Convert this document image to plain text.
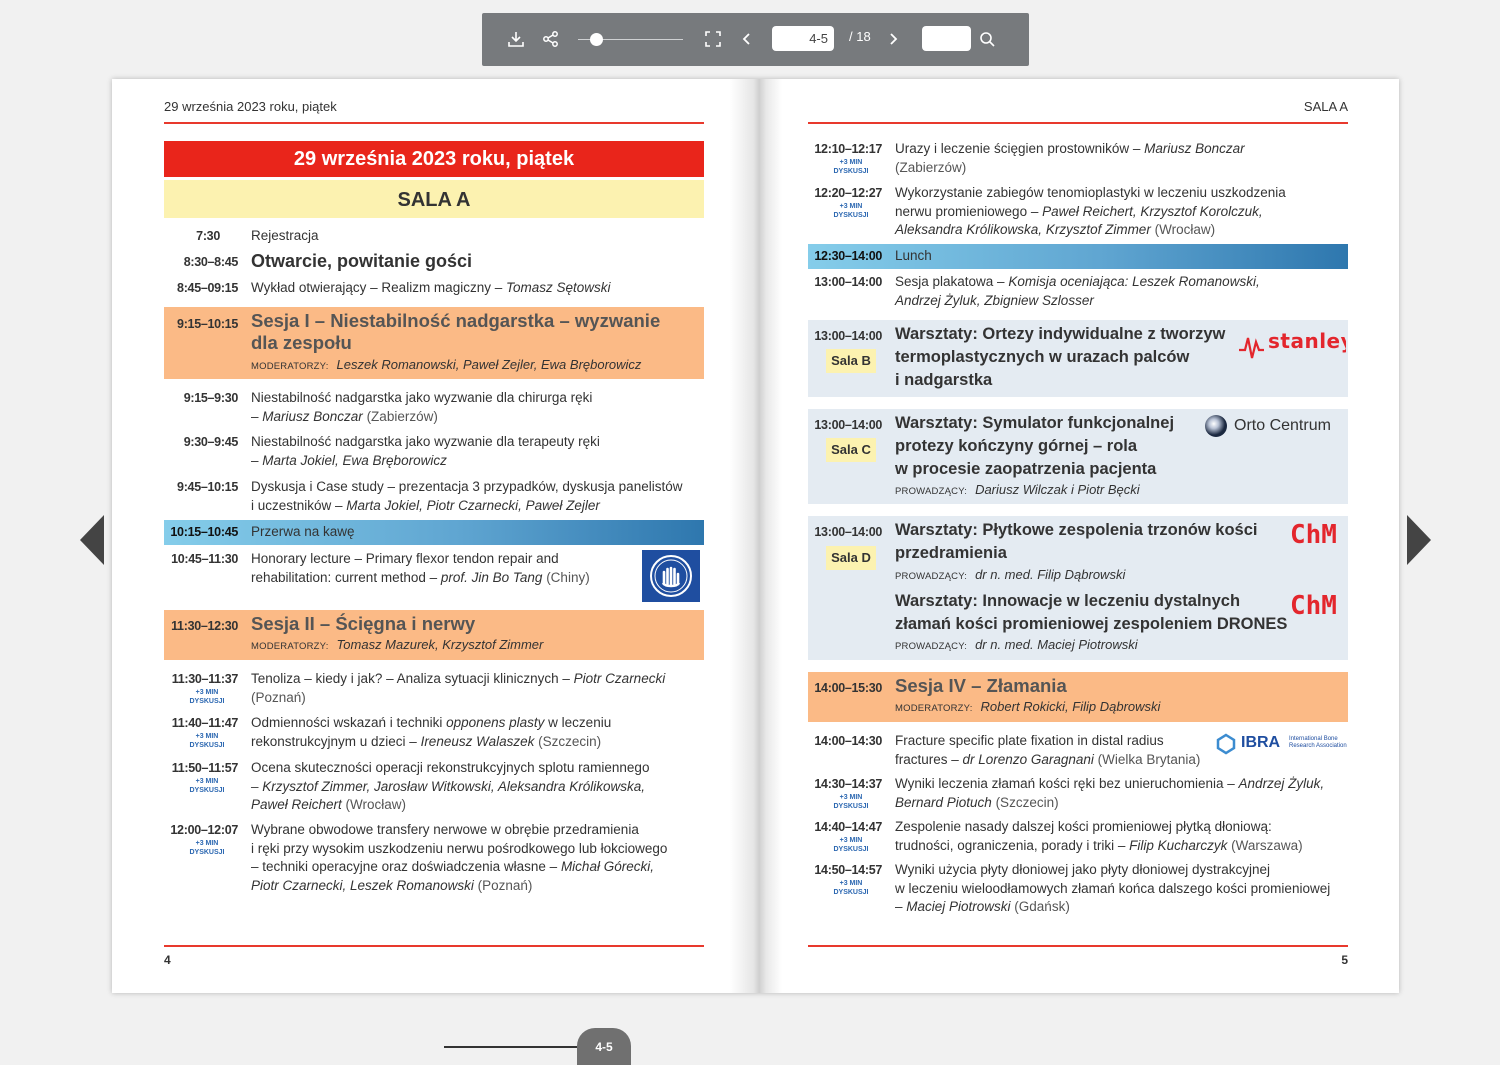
4-5	/ 18
29 września 2023 roku, piątek
29 września 2023 roku, piątek
SALA A
7:30 Rejestracja
8:30–8:45 Otwarcie, powitanie gości
8:45–09:15 Wykład otwierający – Realizm magiczny – Tomasz Sętowski
9:15–10:15 Sesja I – Niestabilność nadgarstka – wyzwanie
dla zespołu
MODERATORZY: Leszek Romanowski, Paweł Zejler, Ewa Bręborowicz
9:15–9:30 Niestabilność nadgarstka jako wyzwanie dla chirurga ręki
– Mariusz Bonczar (Zabierzów)
9:30–9:45 Niestabilność nadgarstka jako wyzwanie dla terapeuty ręki
– Marta Jokiel, Ewa Bręborowicz
9:45–10:15 Dyskusja i Case study – prezentacja 3 przypadków, dyskusja panelistów
i uczestników – Marta Jokiel, Piotr Czarnecki, Paweł Zejler
10:15–10:45 Przerwa na kawę
10:45–11:30 Honorary lecture – Primary flexor tendon repair and
rehabilitation: current method – prof. Jin Bo Tang (Chiny)
11:30–12:30 Sesja II – Ścięgna i nerwy
MODERATORZY: Tomasz Mazurek, Krzysztof Zimmer
11:30–11:37
+3 MIN
DYSKUSJI
Tenoliza – kiedy i jak? – Analiza sytuacji klinicznych – Piotr Czarnecki
(Poznań)
11:40–11:47
+3 MIN
DYSKUSJI
Odmienności wskazań i techniki opponens plasty w leczeniu
rekonstrukcyjnym u dzieci – Ireneusz Walaszek (Szczecin)
11:50–11:57
+3 MIN
DYSKUSJI
Ocena skuteczności operacji rekonstrukcyjnych splotu ramiennego
– Krzysztof Zimmer, Jarosław Witkowski, Aleksandra Królikowska,
Paweł Reichert (Wrocław)
12:00–12:07
+3 MIN
DYSKUSJI
Wybrane obwodowe transfery nerwowe w obrębie przedramienia
i ręki przy wysokim uszkodzeniu nerwu pośrodkowego lub łokciowego
– techniki operacyjne oraz doświadczenia własne – Michał Górecki,
Piotr Czarnecki, Leszek Romanowski (Poznań)
4
SALA A
12:10–12:17
+3 MIN
DYSKUSJI
Urazy i leczenie ścięgien prostowników – Mariusz Bonczar
(Zabierzów)
12:20–12:27
+3 MIN
DYSKUSJI
Wykorzystanie zabiegów tenomioplastyki w leczeniu uszkodzenia
nerwu promieniowego – Paweł Reichert, Krzysztof Korolczuk,
Aleksandra Królikowska, Krzysztof Zimmer (Wrocław)
12:30–14:00 Lunch
13:00–14:00 Sesja plakatowa – Komisja oceniająca: Leszek Romanowski,
Andrzej Żyluk, Zbigniew Szlosser
13:00–14:00
Sala B
Warsztaty: Ortezy indywidualne z tworzyw
termoplastycznych w urazach palców
i nadgarstka
stanley
13:00–14:00
Sala C
Warsztaty: Symulator funkcjonalnej
protezy kończyny górnej – rola
w procesie zaopatrzenia pacjenta
PROWADZĄCY: Dariusz Wilczak i Piotr Bęcki
Orto Centrum
13:00–14:00
Sala D
Warsztaty: Płytkowe zespolenia trzonów kości
przedramienia
PROWADZĄCY: dr n. med. Filip Dąbrowski
Warsztaty: Innowacje w leczeniu dystalnych
złamań kości promieniowej zespoleniem DRONES
PROWADZĄCY: dr n. med. Maciej Piotrowski
ChM
ChM
14:00–15:30 Sesja IV – Złamania
MODERATORZY: Robert Rokicki, Filip Dąbrowski
14:00–14:30 Fracture specific plate fixation in distal radius
fractures – dr Lorenzo Garagnani (Wielka Brytania)
IBRA International Bone
Research Association
14:30–14:37
+3 MIN
DYSKUSJI
Wyniki leczenia złamań kości ręki bez unieruchomienia – Andrzej Żyluk,
Bernard Piotuch (Szczecin)
14:40–14:47
+3 MIN
DYSKUSJI
Zespolenie nasady dalszej kości promieniowej płytką dłoniową:
trudności, ograniczenia, porady i triki – Filip Kucharczyk (Warszawa)
14:50–14:57
+3 MIN
DYSKUSJI
Wyniki użycia płyty dłoniowej jako płyty dłoniowej dystrakcyjnej
w leczeniu wieloodłamowych złamań końca dalszego kości promieniowej
– Maciej Piotrowski (Gdańsk)
5
4-5
